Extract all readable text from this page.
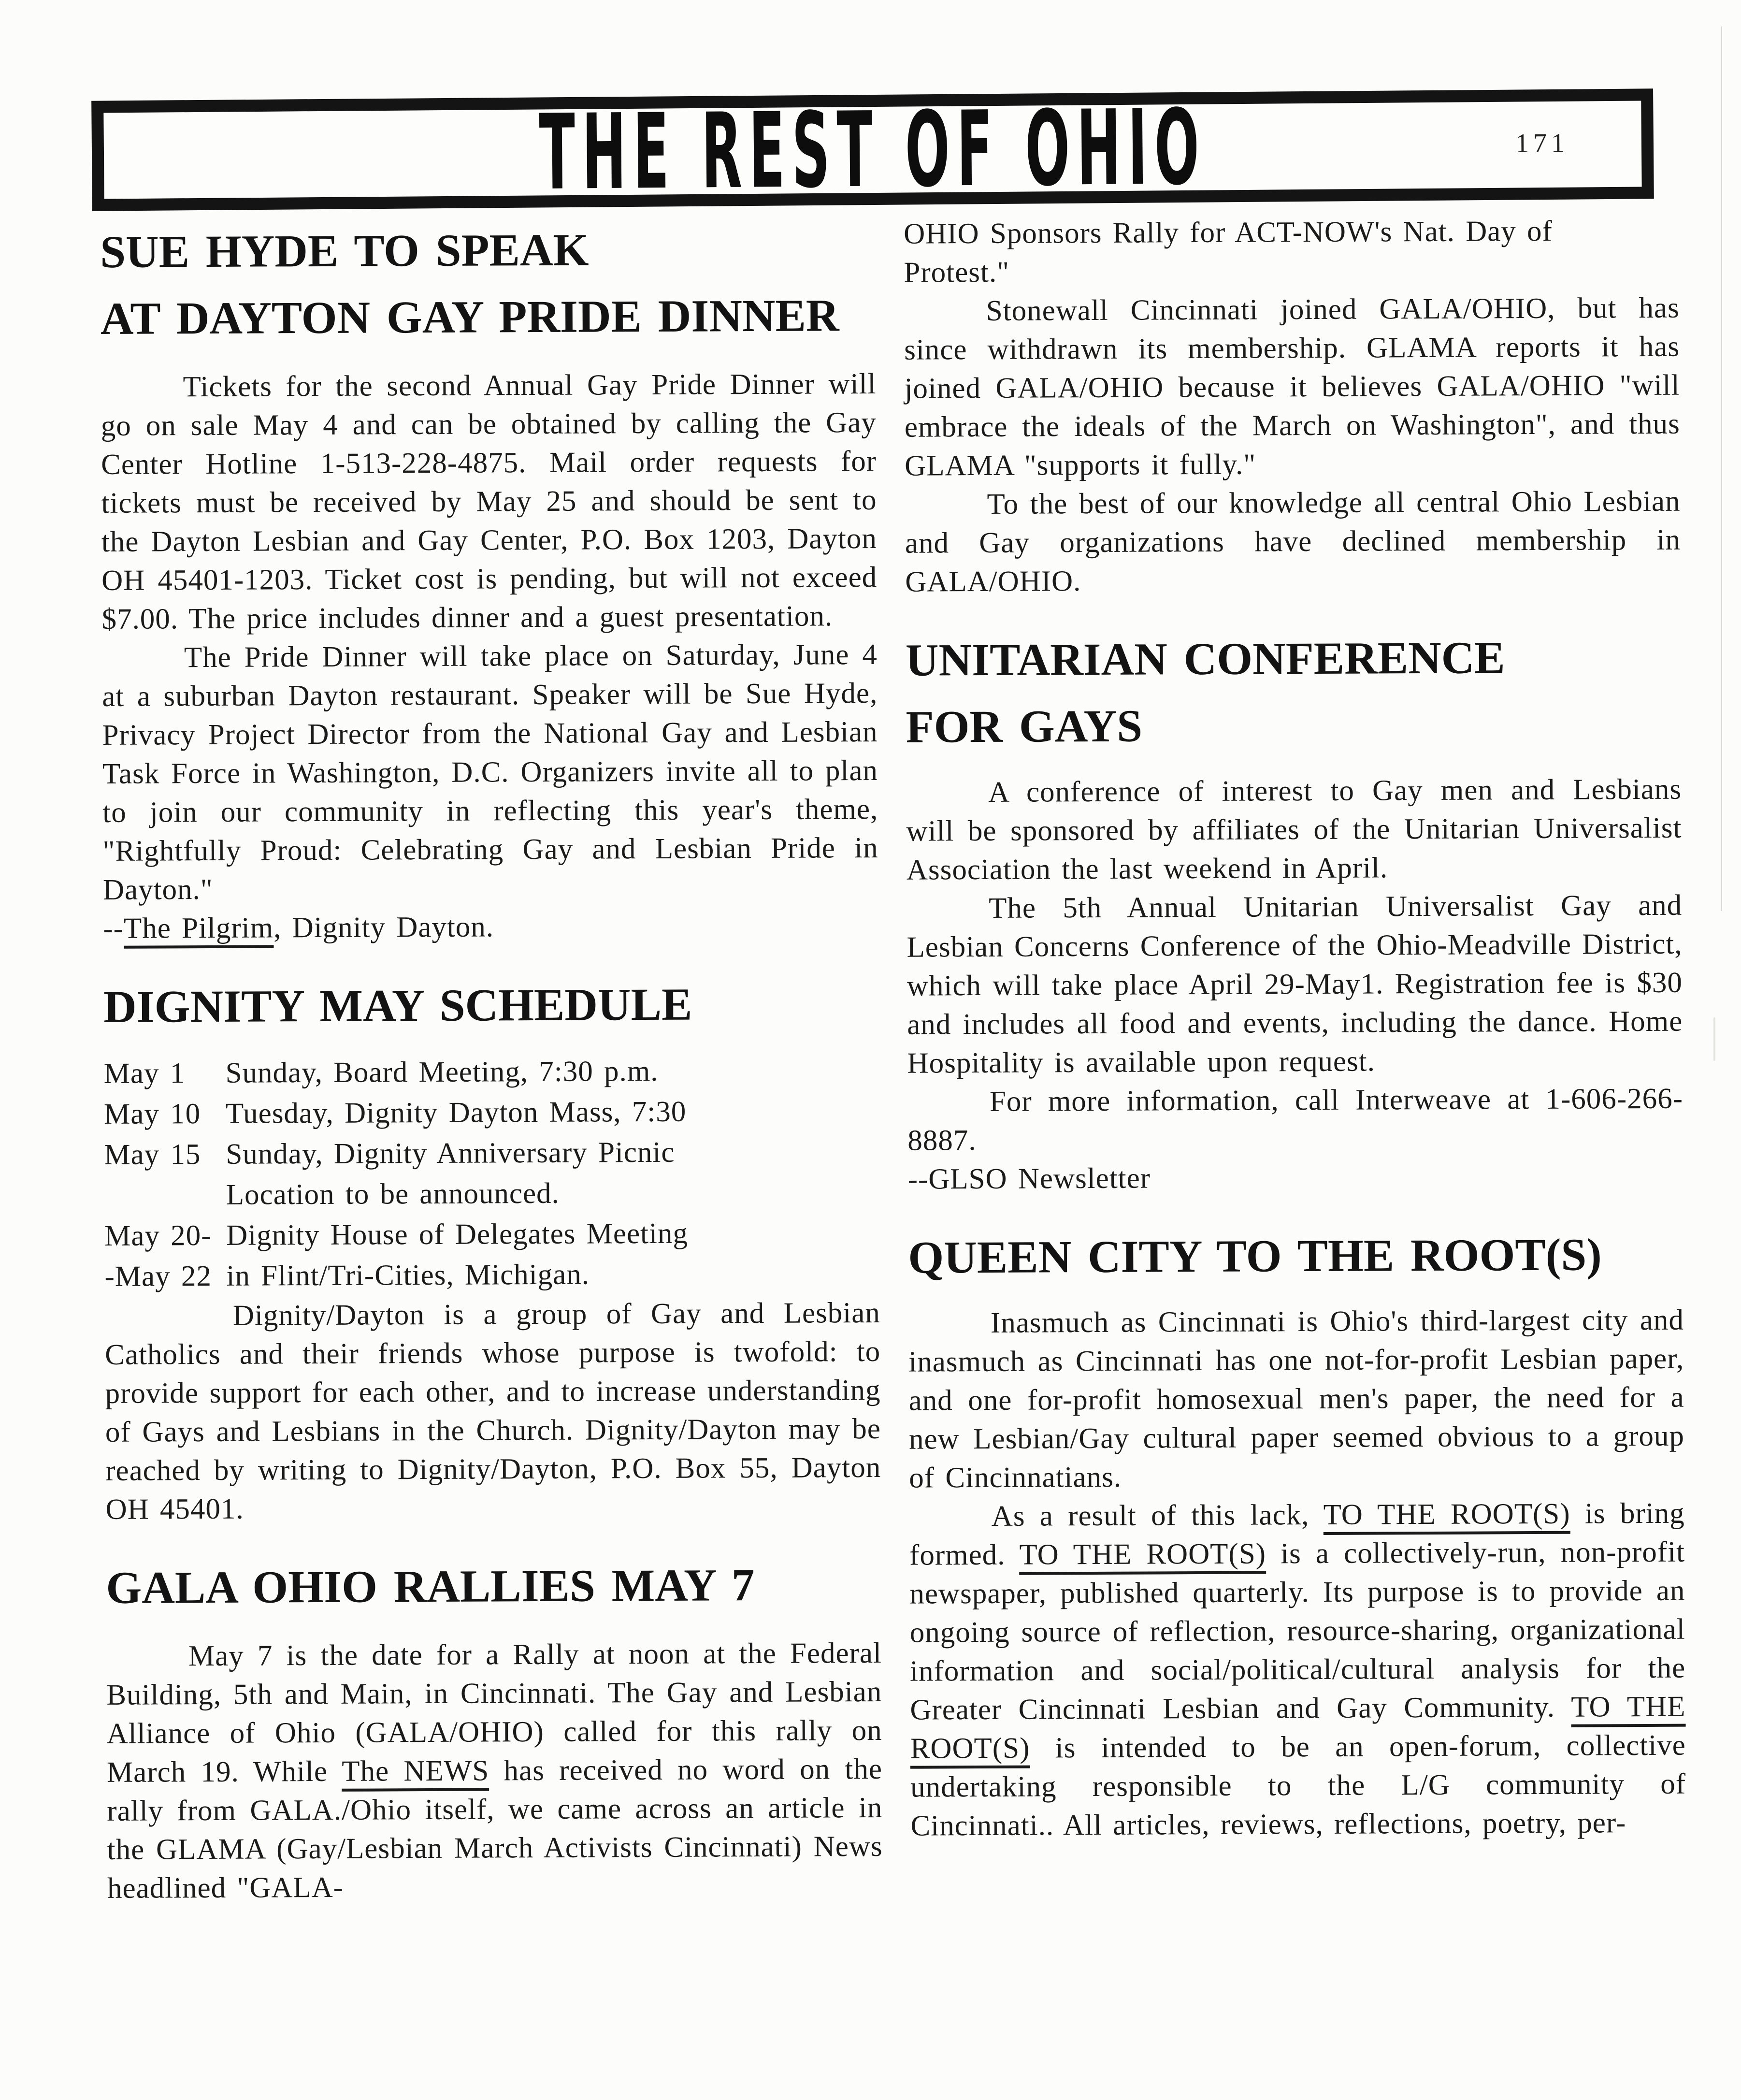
THE REST OF OHIO	171
SUE HYDE TO SPEAK
AT DAYTON GAY PRIDE DINNER

Tickets for the second Annual Gay Pride Dinner will go on sale May 4 and can be obtained by calling the Gay Center Hotline 1-513-228-4875. Mail order requests for tickets must be received by May 25 and should be sent to the Dayton Lesbian and Gay Center, P.O. Box 1203, Dayton OH 45401-1203. Ticket cost is pending, but will not exceed $7.00. The price includes dinner and a guest presentation.

The Pride Dinner will take place on Saturday, June 4 at a suburban Dayton restaurant. Speaker will be Sue Hyde, Privacy Project Director from the National Gay and Lesbian Task Force in Washington, D.C. Organizers invite all to plan to join our community in reflecting this year's theme, "Rightfully Proud: Celebrating Gay and Lesbian Pride in Dayton."

--The Pilgrim, Dignity Dayton.
DIGNITY MAY SCHEDULE
May 1	Sunday, Board Meeting, 7:30 p.m.
May 10 Tuesday, Dignity Dayton Mass, 7:30
May 15 Sunday, Dignity Anniversary Picnic
Location to be announced.
May 20- Dignity House of Delegates Meeting
-May 22 in Flint/Tri-Cities, Michigan.

Dignity/Dayton is a group of Gay and Lesbian Catholics and their friends whose purpose is twofold: to provide support for each other, and to increase understanding of Gays and Lesbians in the Church. Dignity/Dayton may be reached by writing to Dignity/Dayton, P.O. Box 55, Dayton OH 45401.

GALA OHIO RALLIES MAY 7

May 7 is the date for a Rally at noon at the Federal Building, 5th and Main, in Cincinnati. The Gay and Lesbian Alliance of Ohio (GALA/OHIO) called for this rally on March 19. While The NEWS has received no word on the rally from GALA./Ohio itself, we came across an article in the GLAMA (Gay/Lesbian March Activists Cincinnati) News headlined "GALA-

OHIO Sponsors Rally for ACT-NOW's Nat. Day of

Protest."

Stonewall Cincinnati joined GALA/OHIO, but has since withdrawn its membership. GLAMA reports it has joined GALA/OHIO because it believes GALA/OHIO "will embrace the ideals of the March on Washington", and thus GLAMA "supports it fully."

To the best of our knowledge all central Ohio Lesbian and Gay organizations have declined membership in GALA/OHIO.

UNITARIAN CONFERENCE
FOR GAYS

A conference of interest to Gay men and Lesbians will be sponsored by affiliates of the Unitarian Universalist Association the last weekend in April.

The 5th Annual Unitarian Universalist Gay and Lesbian Concerns Conference of the Ohio-Meadville District, which will take place April 29-May1. Registration fee is $30 and includes all food and events, including the dance. Home Hospitality is available upon request.

For more information, call Interweave at 1-606-266-8887.

--GLSO Newsletter
QUEEN CITY TO THE ROOT(S)

Inasmuch as Cincinnati is Ohio's third-largest city and inasmuch as Cincinnati has one not-for-profit Lesbian paper, and one for-profit homosexual men's paper, the need for a new Lesbian/Gay cultural paper seemed obvious to a group of Cincinnatians.

As a result of this lack, TO THE ROOT(S) is bring formed. TO THE ROOT(S) is a collectively-run, non-profit newspaper, published quarterly. Its purpose is to provide an ongoing source of reflection, resource-sharing, organizational information and social/political/cultural analysis for the Greater Cincinnati Lesbian and Gay Community. TO THE ROOT(S) is intended to be an open-forum, collective undertaking responsible to the L/G community of Cincinnati.. All articles, reviews, reflections, poetry, per-
